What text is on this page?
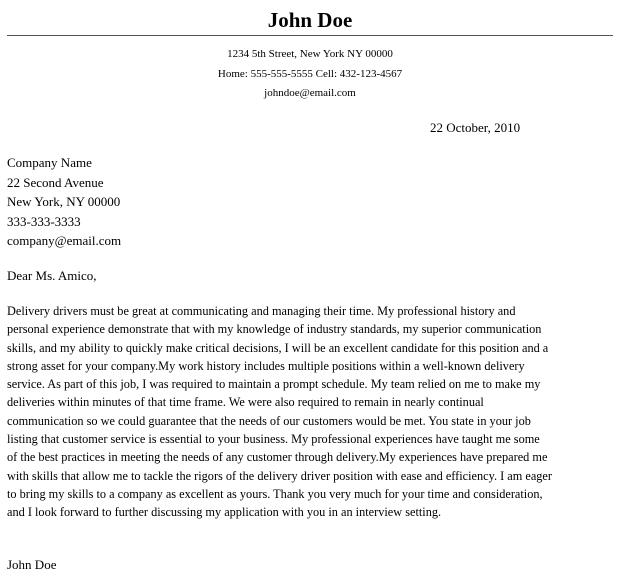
John Doe
1234 5th Street, New York NY 00000
Home: 555-555-5555 Cell: 432-123-4567
johndoe@email.com
22 October, 2010
Company Name
22 Second Avenue
New York, NY 00000
333-333-3333
company@email.com
Dear Ms. Amico,
Delivery drivers must be great at communicating and managing their time. My professional history and
personal experience demonstrate that with my knowledge of industry standards, my superior communication
skills, and my ability to quickly make critical decisions, I will be an excellent candidate for this position and a
strong asset for your company.My work history includes multiple positions within a well-known delivery
service. As part of this job, I was required to maintain a prompt schedule. My team relied on me to make my
deliveries within minutes of that time frame. We were also required to remain in nearly continual
communication so we could guarantee that the needs of our customers would be met. You state in your job
listing that customer service is essential to your business. My professional experiences have taught me some
of the best practices in meeting the needs of any customer through delivery.My experiences have prepared me
with skills that allow me to tackle the rigors of the delivery driver position with ease and efficiency. I am eager
to bring my skills to a company as excellent as yours. Thank you very much for your time and consideration,
and I look forward to further discussing my application with you in an interview setting.
John Doe
